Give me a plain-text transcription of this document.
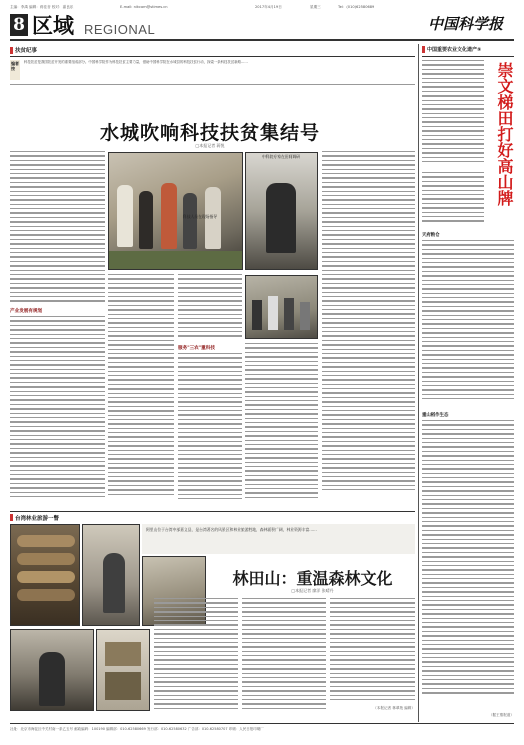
主编：李禹 编辑：蒋佳音 校对：嘉良乐	E-mail: nikcom@stimes.cn	2017年4月19日	星期三	Tel：(010)62580689
8 区域 REGIONAL	中国科学报
扶贫纪事
编者按
科技扶贫是我国扶贫开发的重要组成部分。中国科学院作为科技扶贫主要力量，借助中国科学院在水城县的科技扶贫行动，探索一条科技扶贫新路……
水城吹响科技扶贫集结号
□本报记者 蒋悦
产业发展有规划
中科院专家在田间调研
科技人员在现场指导
服务"三农"重科技
中国重要农业文化遗产⑨
崇文梯田打好高山牌
天府粮仓
重山稻作生态
（据王骞报道）
台湾林业旅游一瞥
阿里山位于台湾中部嘉义县，是台湾著名的风景区和林业旅游胜地，森林面积广阔，林业资源丰富……
林田山：重温森林文化
□本报记者 廖洋 张晴丹
（本报记者 林翠苑 编辑）
社址：北京市海淀区中关村南一条乙五号 邮政编码：100190 编辑部：010-62580669 发行部：010-62580632 广告部：010-62580707 印刷：人民日报印刷厂
